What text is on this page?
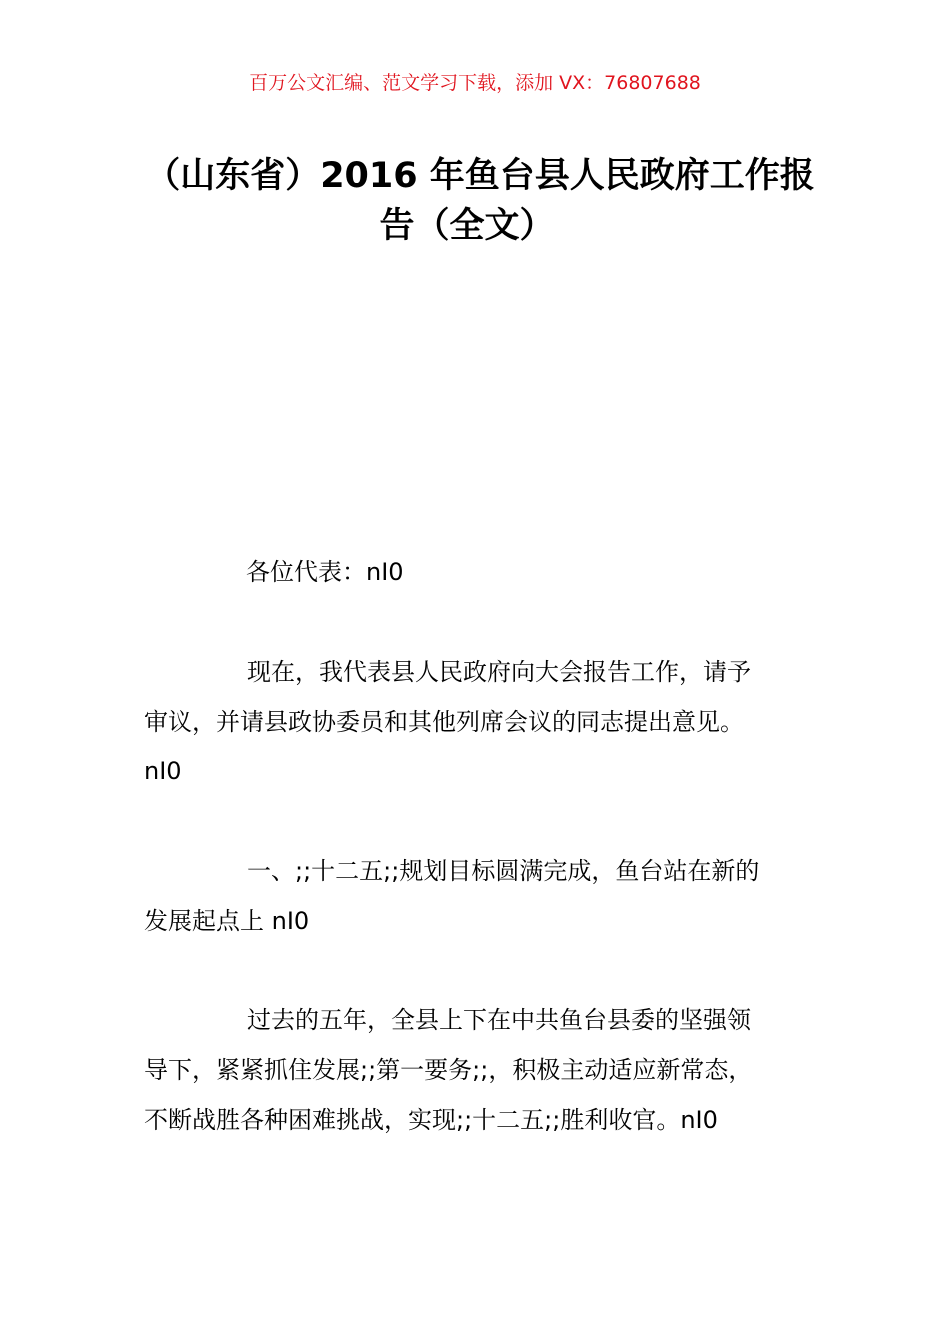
百万公文汇编、范文学习下载，添加 VX：76807688
（山东省）2016 年鱼台县人民政府工作报
告（全文）
各位代表：nI0
现在，我代表县人民政府向大会报告工作，请予
审议，并请县政协委员和其他列席会议的同志提出意见。
nI0
一、;;十二五;;规划目标圆满完成，鱼台站在新的
发展起点上 nI0
过去的五年，全县上下在中共鱼台县委的坚强领
导下，紧紧抓住发展;;第一要务;;，积极主动适应新常态，
不断战胜各种困难挑战，实现;;十二五;;胜利收官。nI0
